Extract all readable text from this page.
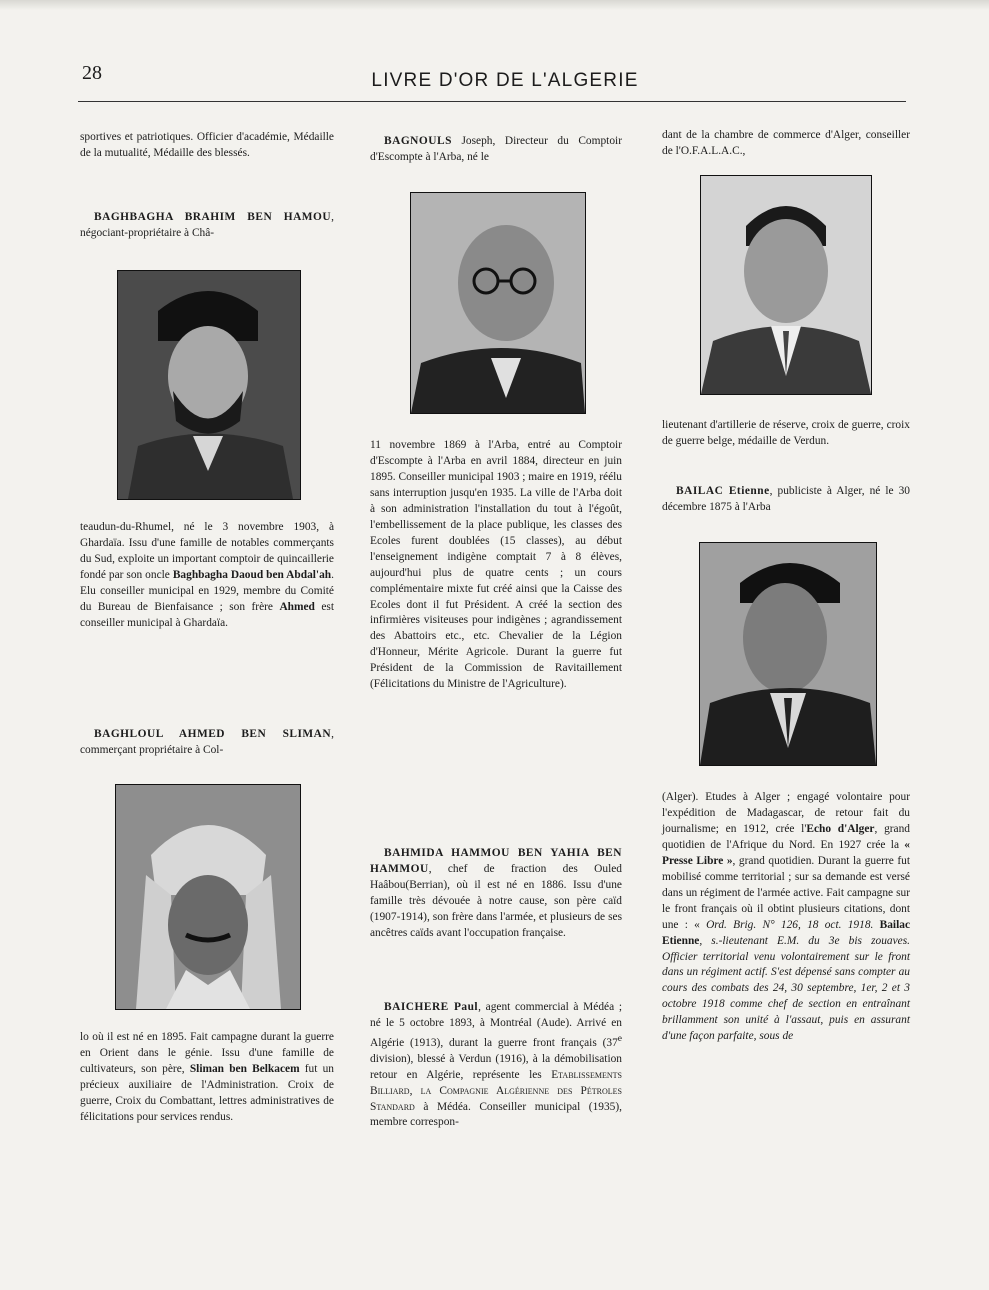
28	LIVRE D'OR DE L'ALGERIE

sportives et patriotiques. Officier d'académie, Médaille de la mutualité, Médaille des blessés.

BAGHBAGHA BRAHIM BEN HAMOU, négociant-propriétaire à Châ-

teaudun-du-Rhumel, né le 3 novembre 1903, à Ghardaïa. Issu d'une famille de notables commerçants du Sud, exploite un important comptoir de quincaillerie fondé par son oncle Baghbagha Daoud ben Abdal'ah. Elu conseiller municipal en 1929, membre du Comité du Bureau de Bienfaisance ; son frère Ahmed est conseiller municipal à Ghardaïa.

BAGHLOUL AHMED BEN SLIMAN, commerçant propriétaire à Col-

lo où il est né en 1895. Fait campagne durant la guerre en Orient dans le génie. Issu d'une famille de cultivateurs, son père, Sliman ben Belkacem fut un précieux auxiliaire de l'Administration. Croix de guerre, Croix du Combattant, lettres administratives de félicitations pour services rendus.

BAGNOULS Joseph, Directeur du Comptoir d'Escompte à l'Arba, né le

11 novembre 1869 à l'Arba, entré au Comptoir d'Escompte à l'Arba en avril 1884, directeur en juin 1895. Conseiller municipal 1903 ; maire en 1919, réélu sans interruption jusqu'en 1935. La ville de l'Arba doit à son administration l'installation du tout à l'égoût, l'embellissement de la place publique, les classes des Ecoles furent doublées (15 classes), au début l'enseignement indigène comptait 7 à 8 élèves, aujourd'hui plus de quatre cents ; un cours complémentaire mixte fut créé ainsi que la Caisse des Ecoles dont il fut Président. A créé la section des infirmières visiteuses pour indigènes ; agrandissement des Abattoirs etc., etc. Chevalier de la Légion d'Honneur, Mérite Agricole. Durant la guerre fut Président de la Commission de Ravitaillement (Félicitations du Ministre de l'Agriculture).

BAHMIDA HAMMOU BEN YAHIA BEN HAMMOU, chef de fraction des Ouled Haâbou(Berrian), où il est né en 1886. Issu d'une famille très dévouée à notre cause, son père caïd (1907-1914), son frère dans l'armée, et plusieurs de ses ancêtres caïds avant l'occupation française.

BAICHERE Paul, agent commercial à Médéa ; né le 5 octobre 1893, à Montréal (Aude). Arrivé en Algérie (1913), durant la guerre front français (37e division), blessé à Verdun (1916), à la démobilisation retour en Algérie, représente les Etablissements Billiard, la Compagnie Algérienne des Pétroles Standard à Médéa. Conseiller municipal (1935), membre correspon-

dant de la chambre de commerce d'Alger, conseiller de l'O.F.A.L.A.C.,

lieutenant d'artillerie de réserve, croix de guerre, croix de guerre belge, médaille de Verdun.

BAILAC Etienne, publiciste à Alger, né le 30 décembre 1875 à l'Arba

(Alger). Etudes à Alger ; engagé volontaire pour l'expédition de Madagascar, de retour fait du journalisme; en 1912, crée l'Echo d'Alger, grand quotidien de l'Afrique du Nord. En 1927 crée la « Presse Libre », grand quotidien. Durant la guerre fut mobilisé comme territorial ; sur sa demande est versé dans un régiment de l'armée active. Fait campagne sur le front français où il obtint plusieurs citations, dont une : « Ord. Brig. N° 126, 18 oct. 1918. Bailac Etienne, s.-lieutenant E.M. du 3e bis zouaves. Officier territorial venu volontairement sur le front dans un régiment actif. S'est dépensé sans compter au cours des combats des 24, 30 septembre, 1er, 2 et 3 octobre 1918 comme chef de section en entraînant brillamment son unité à l'assaut, puis en assurant d'une façon parfaite, sous de
